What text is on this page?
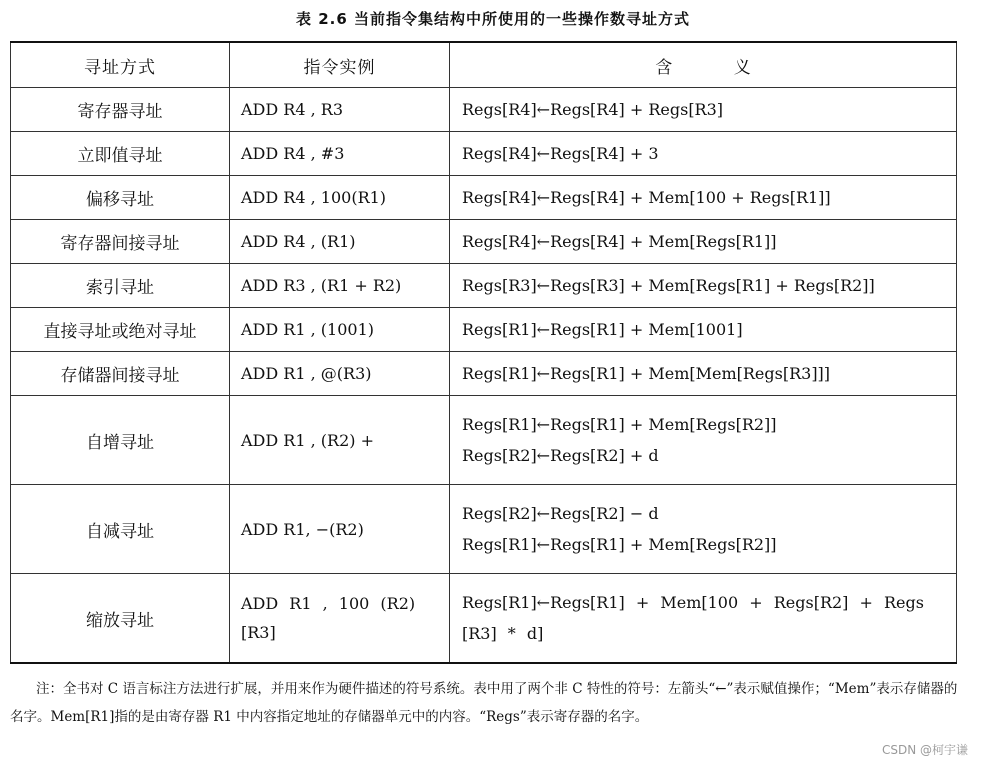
表 2.6 当前指令集结构中所使用的一些操作数寻址方式
寻址方式	指令实例	含 义
寄存器寻址	ADD R4 , R3	Regs[R4]←Regs[R4] + Regs[R3]

立即值寻址	ADD R4 , #3	Regs[R4]←Regs[R4] + 3

偏移寻址	ADD R4 , 100(R1)	Regs[R4]←Regs[R4] + Mem[100 + Regs[R1]]

寄存器间接寻址	ADD R4 , (R1)	Regs[R4]←Regs[R4] + Mem[Regs[R1]]

索引寻址	ADD R3 , (R1 + R2)	Regs[R3]←Regs[R3] + Mem[Regs[R1] + Regs[R2]]

直接寻址或绝对寻址	ADD R1 , (1001)	Regs[R1]←Regs[R1] + Mem[1001]

存储器间接寻址	ADD R1 , @(R3)	Regs[R1]←Regs[R1] + Mem[Mem[Regs[R3]]]

自增寻址	ADD R1 , (R2) +	Regs[R1]←Regs[R1] + Mem[Regs[R2]]
Regs[R2]←Regs[R2] + d

自减寻址	ADD R1, −(R2)	Regs[R2]←Regs[R2] − d
Regs[R1]←Regs[R1] + Mem[Regs[R2]]

缩放寻址	ADD R1 , 100 (R2) [R3]	Regs[R1]←Regs[R1] + Mem[100 + Regs[R2] + Regs [R3] * d]
注：全书对 C 语言标注方法进行扩展，并用来作为硬件描述的符号系统。表中用了两个非 C 特性的符号：左箭头“←”表示赋值操作；“Mem”表示存储器的名字。Mem[R1]指的是由寄存器 R1 中内容指定地址的存储器单元中的内容。“Regs”表示寄存器的名字。
CSDN @柯宇谦
